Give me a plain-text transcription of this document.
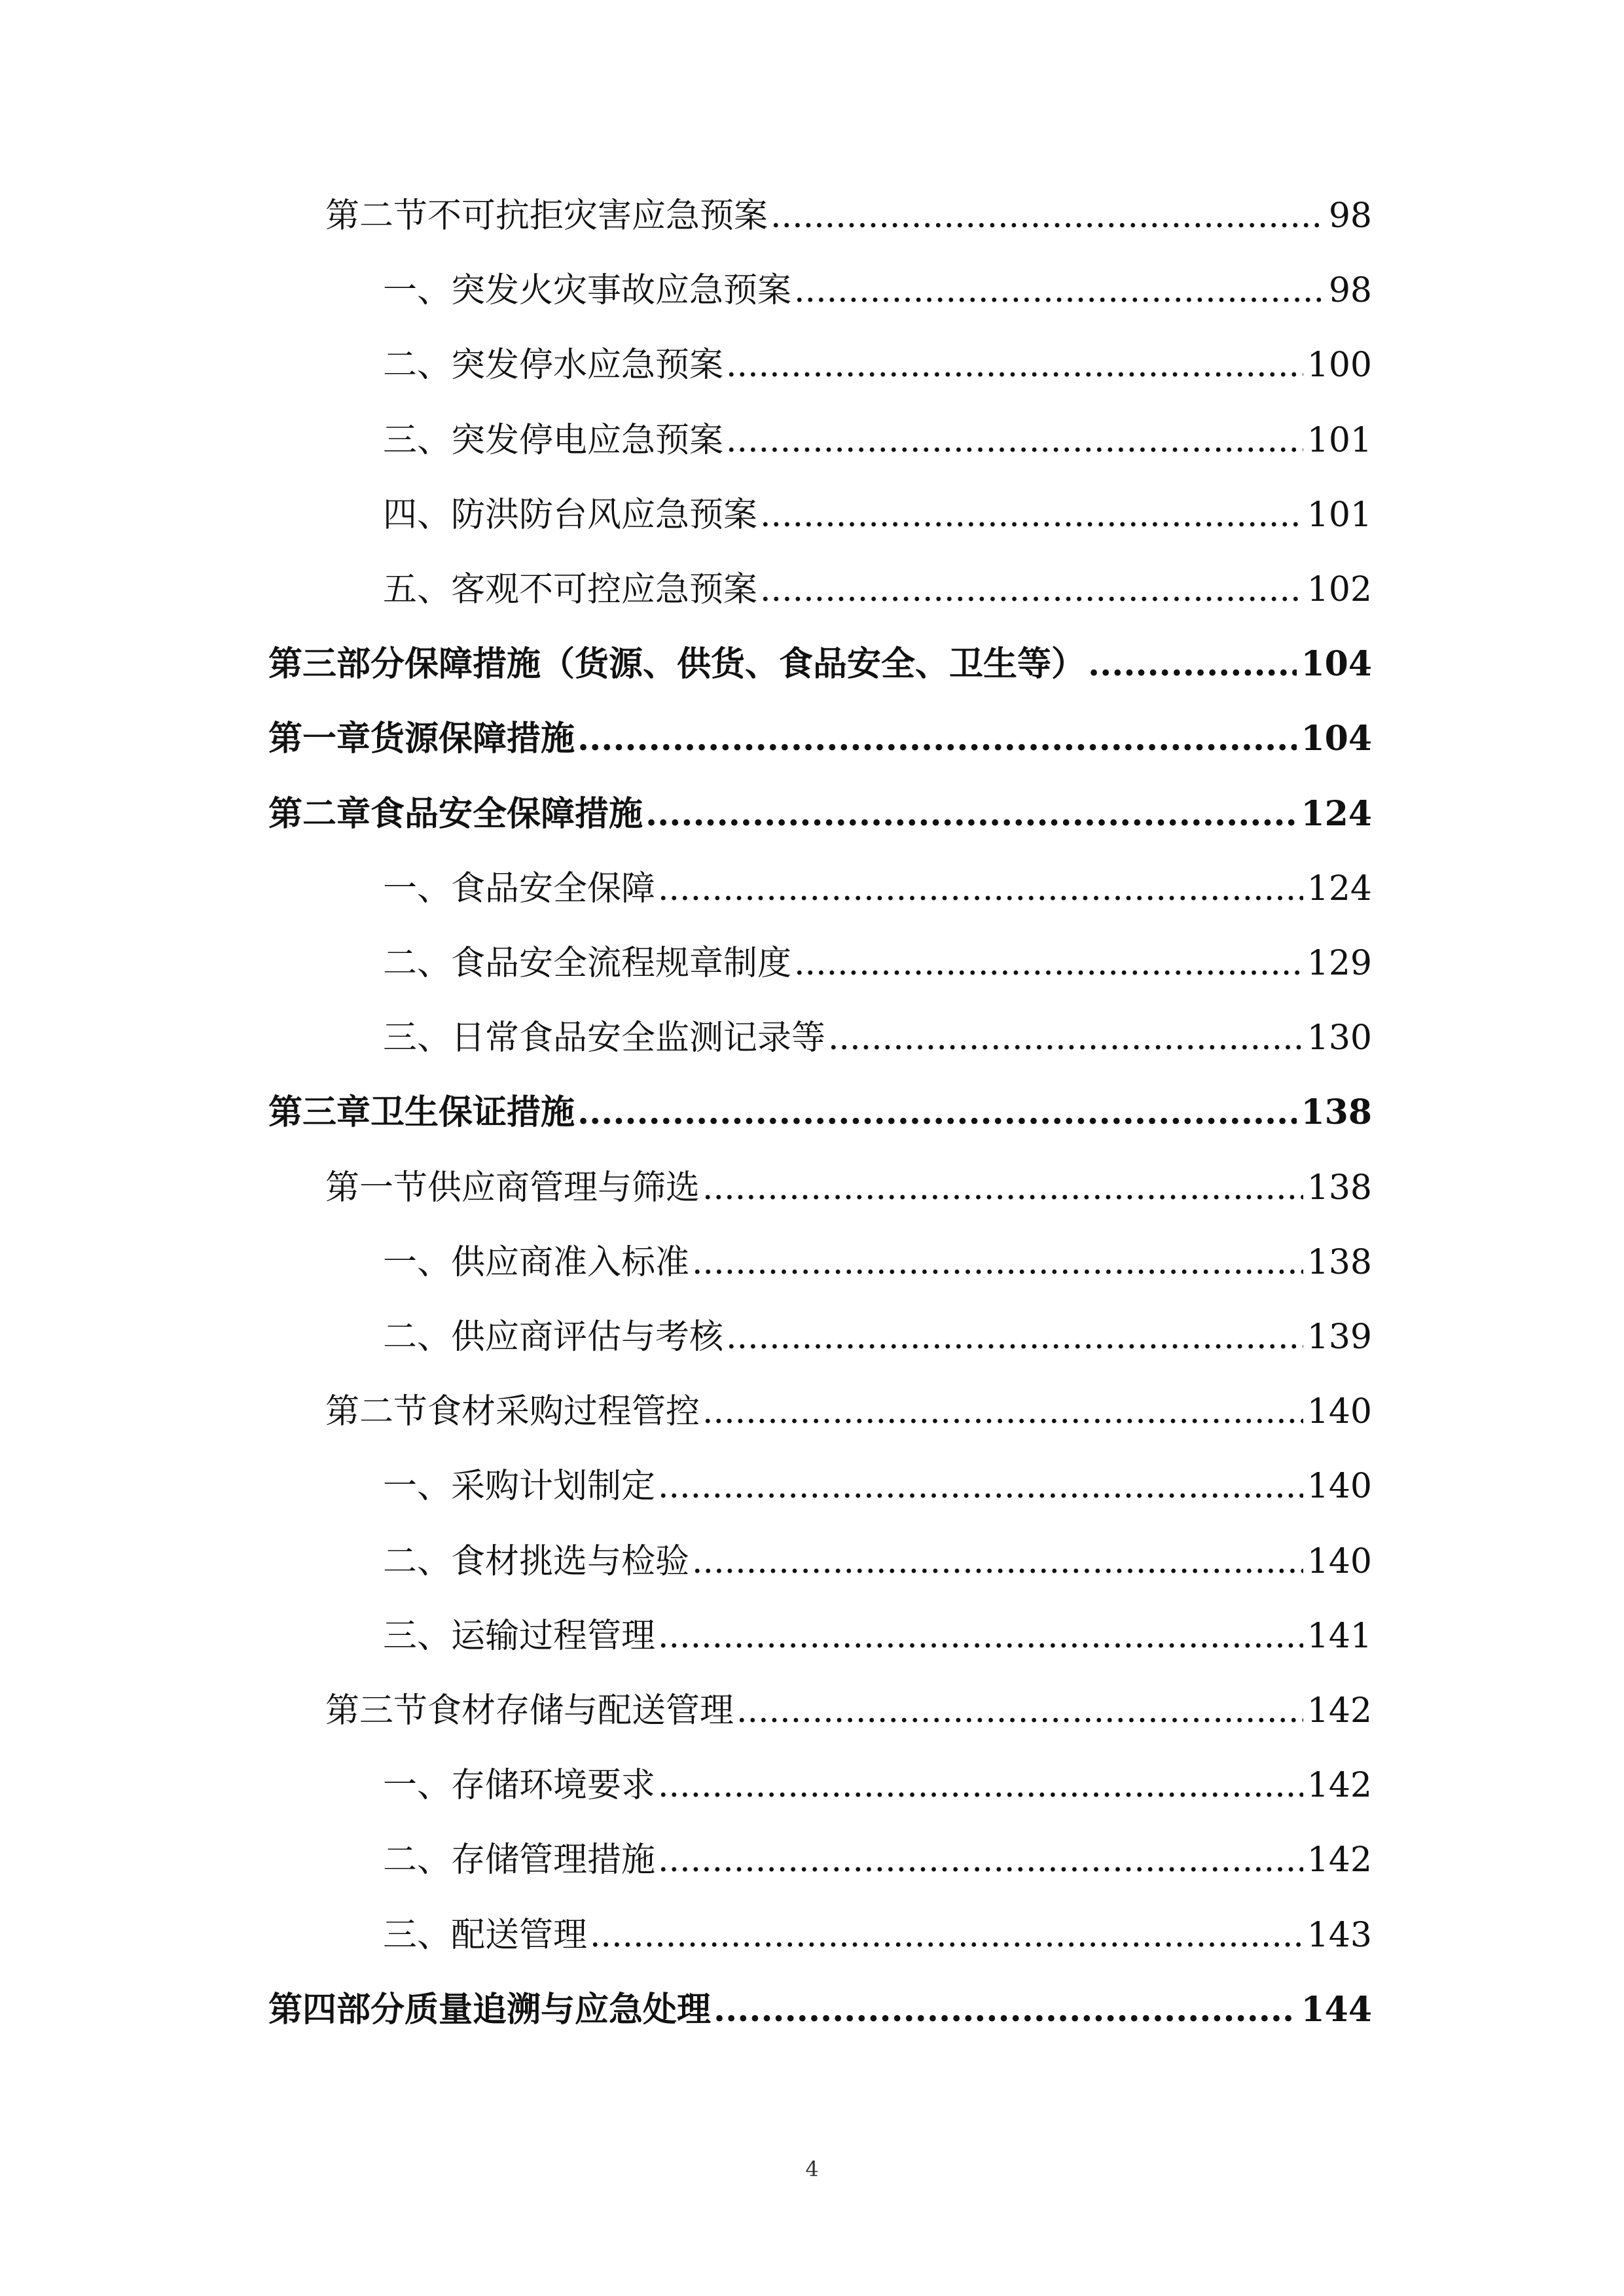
第二节 不可抗拒灾害应急预案 .....	98
一、 突发火灾事故应急预案 .....	98
二、 突发停水应急预案 .....	100
三、 突发停电应急预案 .....	101
四、 防洪防台风应急预案 .....	101
五、 客观不可控应急预案 .....	102
第三部分 保障措施（货源、供货、食品安全、卫生等） .....	104
第一章 货源保障措施 .....	104
第二章 食品安全保障措施 .....	124
一、 食品安全保障 .....	124
二、 食品安全流程规章制度 .....	129
三、 日常食品安全监测记录等 .....	130
第三章 卫生保证措施 .....	138
第一节 供应商管理与筛选 .....	138
一、 供应商准入标准 .....	138
二、 供应商评估与考核 .....	139
第二节 食材采购过程管控 .....	140
一、 采购计划制定 .....	140
二、 食材挑选与检验 .....	140
三、 运输过程管理 .....	141
第三节 食材存储与配送管理 .....	142
一、 存储环境要求 .....	142
二、 存储管理措施 .....	142
三、 配送管理 .....	143
第四部分 质量追溯与应急处理 .....	144
4
